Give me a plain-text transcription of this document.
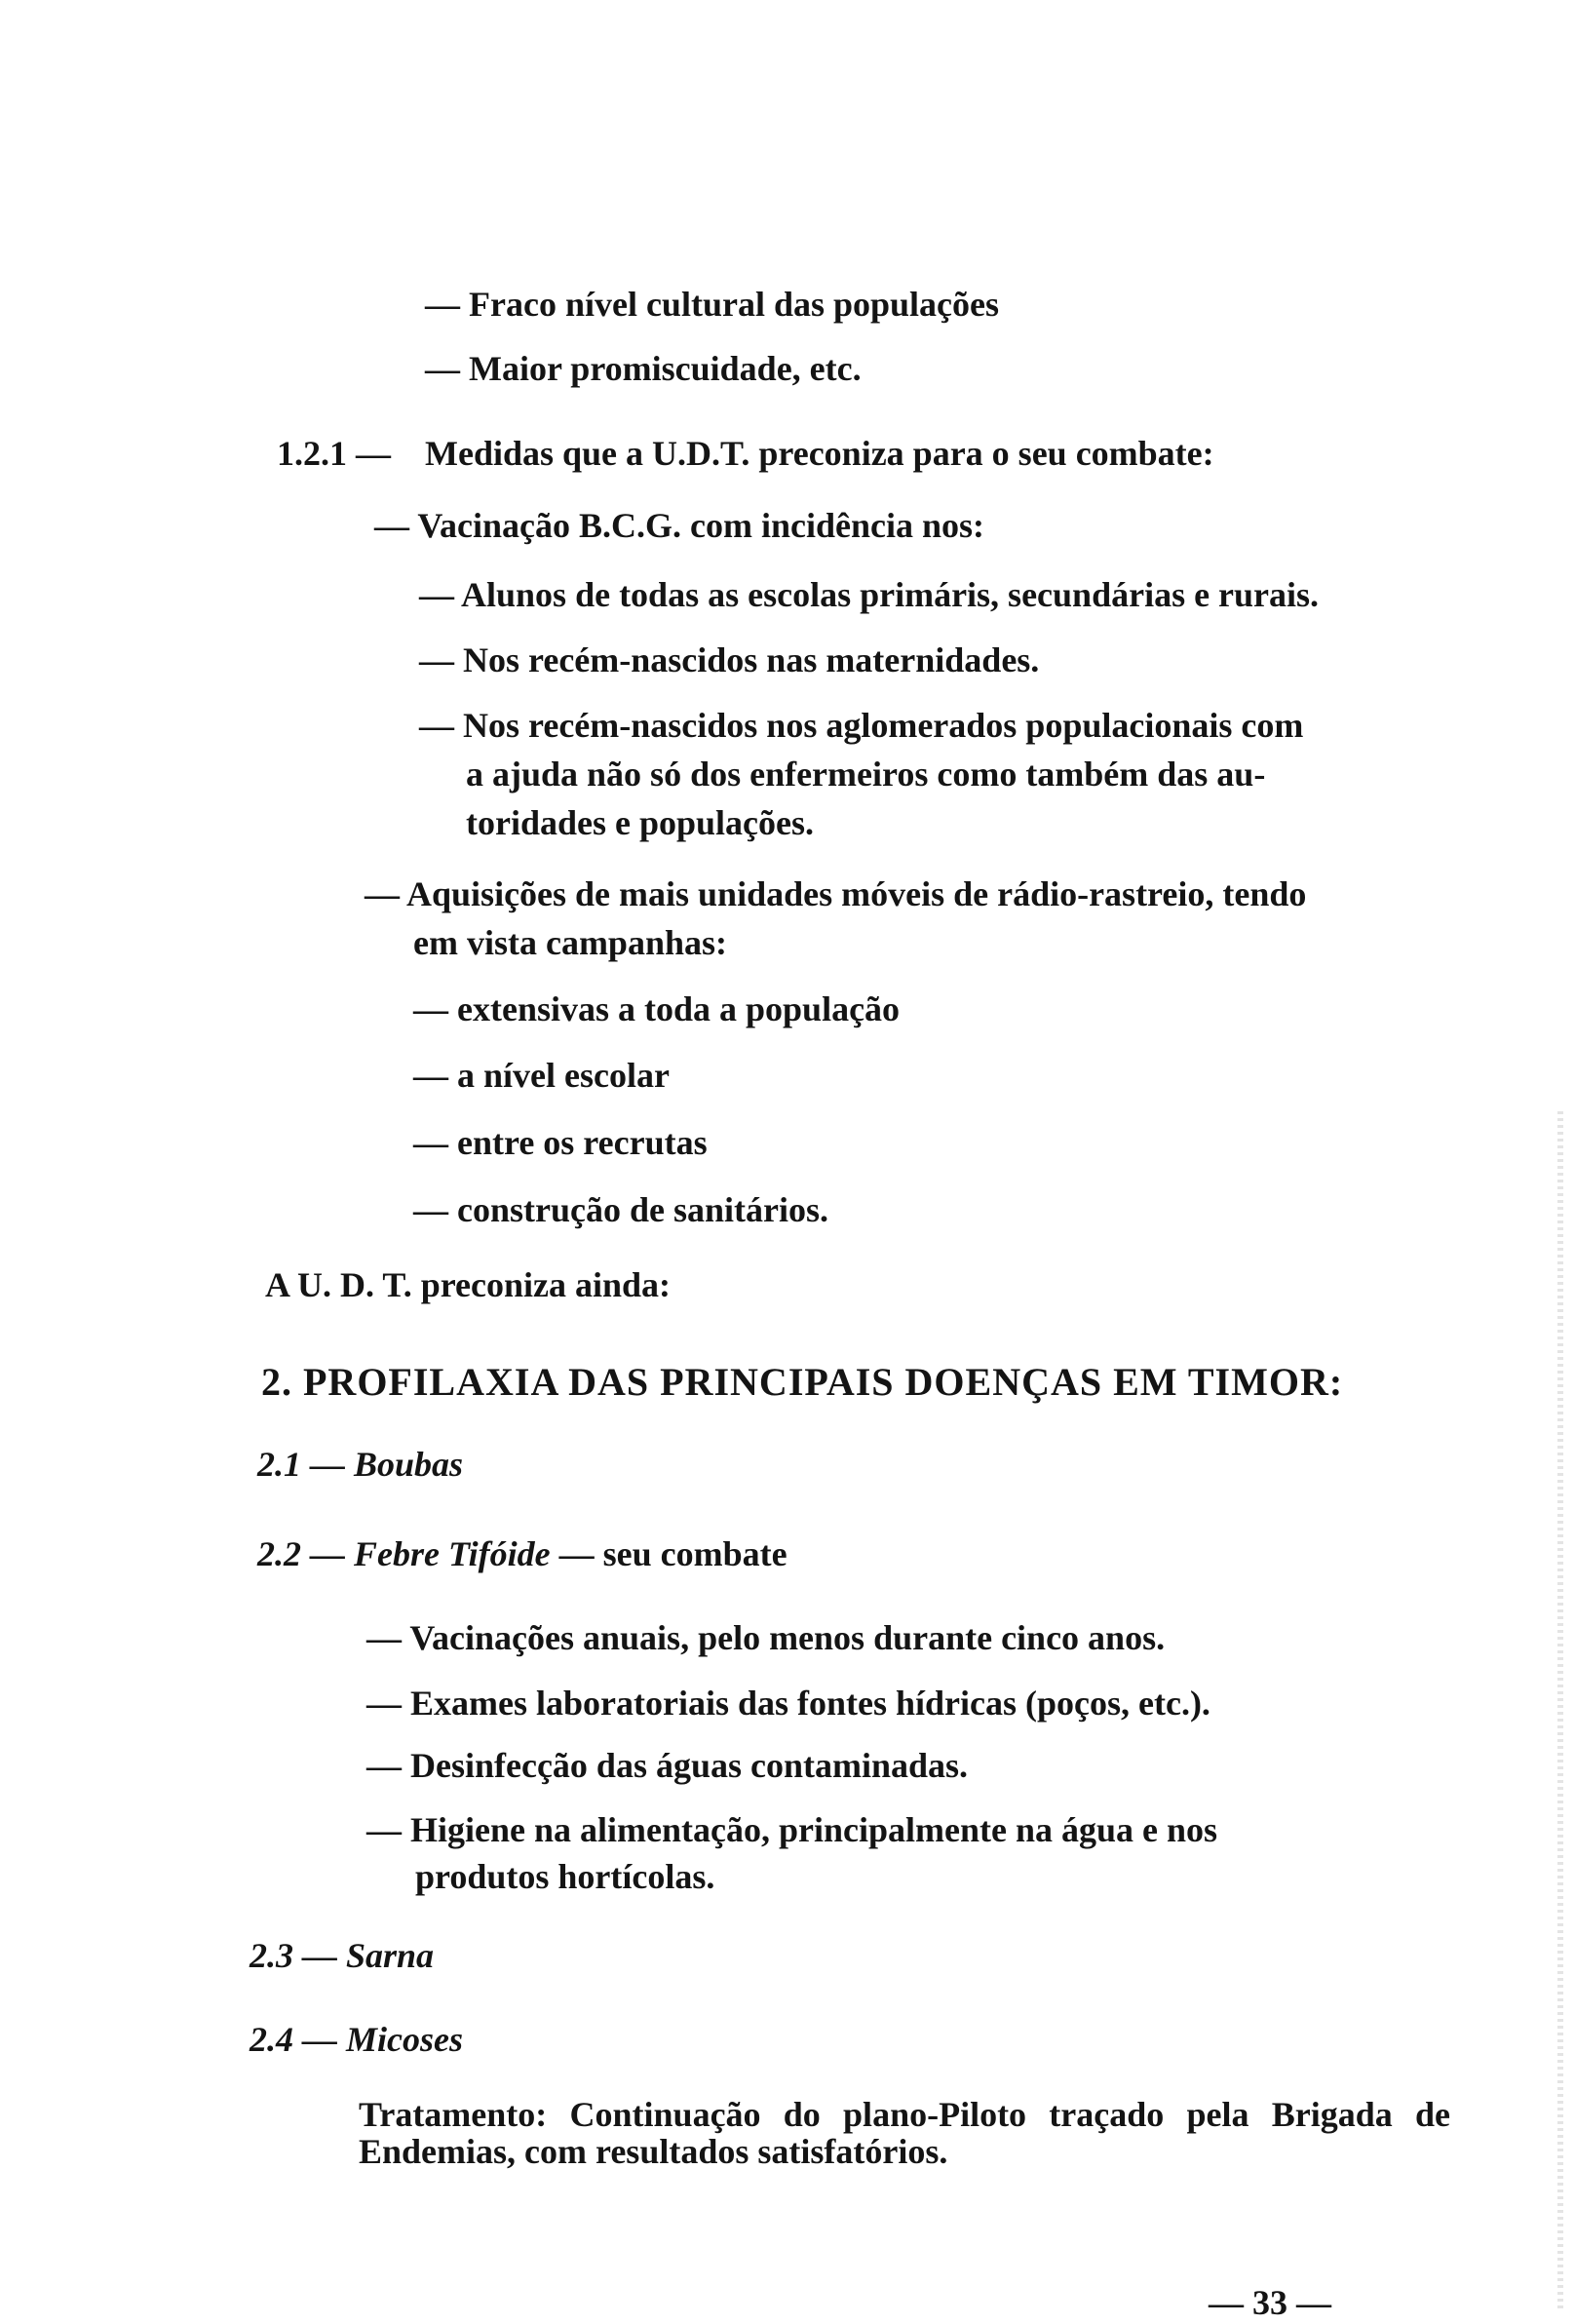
— Fraco nível cultural das populações
— Maior promiscuidade, etc.
1.2.1 — Medidas que a U.D.T. preconiza para o seu combate:
— Vacinação B.C.G. com incidência nos:
— Alunos de todas as escolas primáris, secundárias e rurais.
— Nos recém-nascidos nas maternidades.
— Nos recém-nascidos nos aglomerados populacionais com
a ajuda não só dos enfermeiros como também das au-
toridades e populações.
— Aquisições de mais unidades móveis de rádio-rastreio, tendo
em vista campanhas:
— extensivas a toda a população
— a nível escolar
— entre os recrutas
— construção de sanitários.
A U. D. T. preconiza ainda:
2. PROFILAXIA DAS PRINCIPAIS DOENÇAS EM TIMOR:
2.1 — Boubas
2.2 — Febre Tifóide — seu combate
— Vacinações anuais, pelo menos durante cinco anos.
— Exames laboratoriais das fontes hídricas (poços, etc.).
— Desinfecção das águas contaminadas.
— Higiene na alimentação, principalmente na água e nos
produtos hortícolas.
2.3 — Sarna
2.4 — Micoses
Tratamento: Continuação do plano-Piloto traçado pela Brigada de Endemias, com resultados satisfatórios.
— 33 —
